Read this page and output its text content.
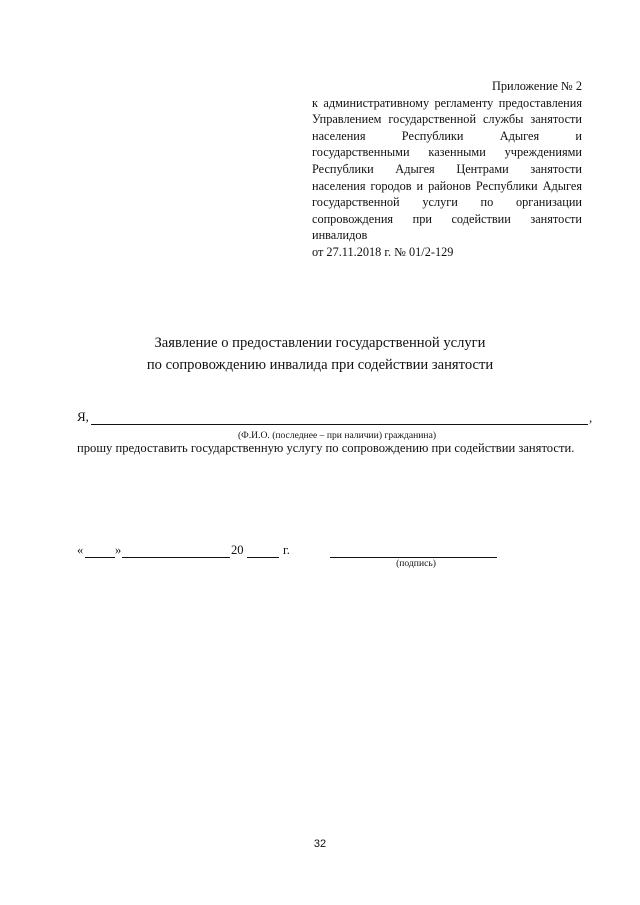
Приложение № 2
к административному регламенту предоставления Управлением государственной службы занятости населения Республики Адыгея и государственными казенными учреждениями Республики Адыгея Центрами занятости населения городов и районов Республики Адыгея государственной услуги по организации сопровождения при содействии занятости инвалидов
от 27.11.2018 г. № 01/2-129
Заявление о предоставлении государственной услуги
по сопровождению инвалида при содействии занятости
Я,	,
(Ф.И.О. (последнее – при наличии) гражданина)
прошу предоставить государственную услугу по сопровождению при содействии занятости.
«	»	20	г.
(подпись)
32
